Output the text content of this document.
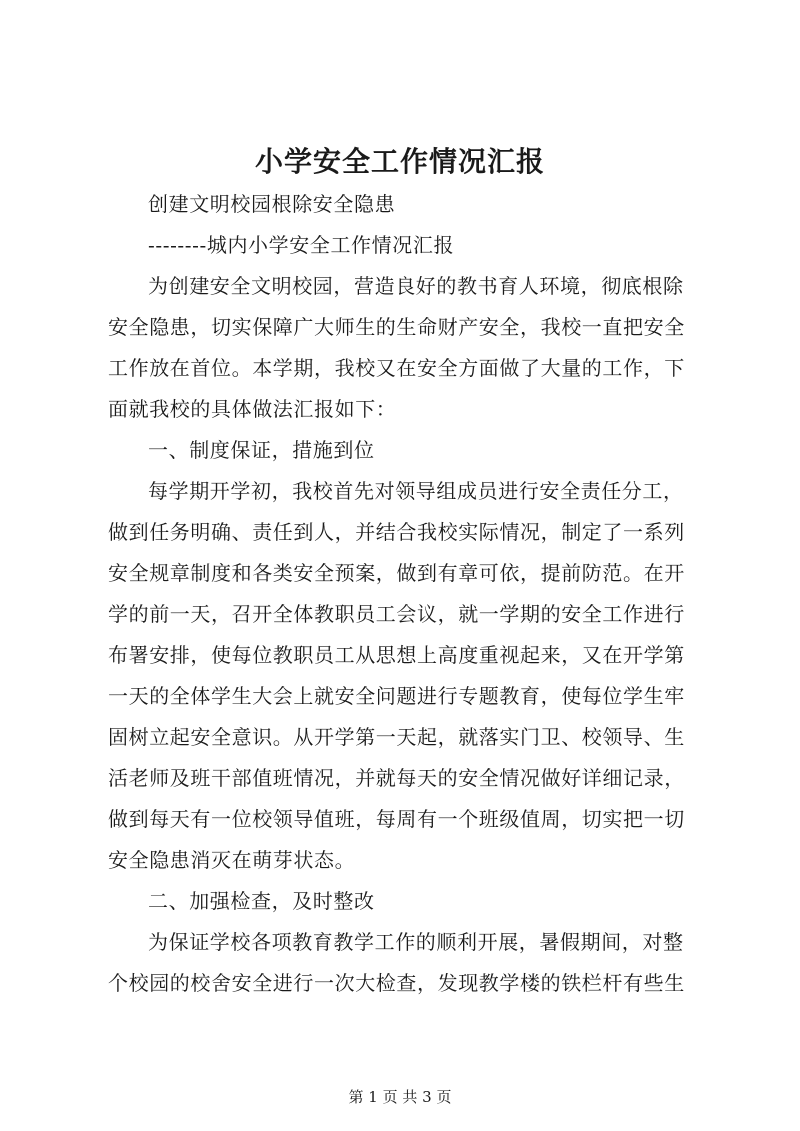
小学安全工作情况汇报
创建文明校园根除安全隐患
--------城内小学安全工作情况汇报
为创建安全文明校园，营造良好的教书育人环境，彻底根除
安全隐患，切实保障广大师生的生命财产安全，我校一直把安全
工作放在首位。本学期，我校又在安全方面做了大量的工作，下
面就我校的具体做法汇报如下：
一、制度保证，措施到位
每学期开学初，我校首先对领导组成员进行安全责任分工，
做到任务明确、责任到人，并结合我校实际情况，制定了一系列
安全规章制度和各类安全预案，做到有章可依，提前防范。在开
学的前一天，召开全体教职员工会议，就一学期的安全工作进行
布署安排，使每位教职员工从思想上高度重视起来，又在开学第
一天的全体学生大会上就安全问题进行专题教育，使每位学生牢
固树立起安全意识。从开学第一天起，就落实门卫、校领导、生
活老师及班干部值班情况，并就每天的安全情况做好详细记录，
做到每天有一位校领导值班，每周有一个班级值周，切实把一切
安全隐患消灭在萌芽状态。
二、加强检查，及时整改
为保证学校各项教育教学工作的顺利开展，暑假期间，对整
个校园的校舍安全进行一次大检查，发现教学楼的铁栏杆有些生
第 1 页 共 3 页
